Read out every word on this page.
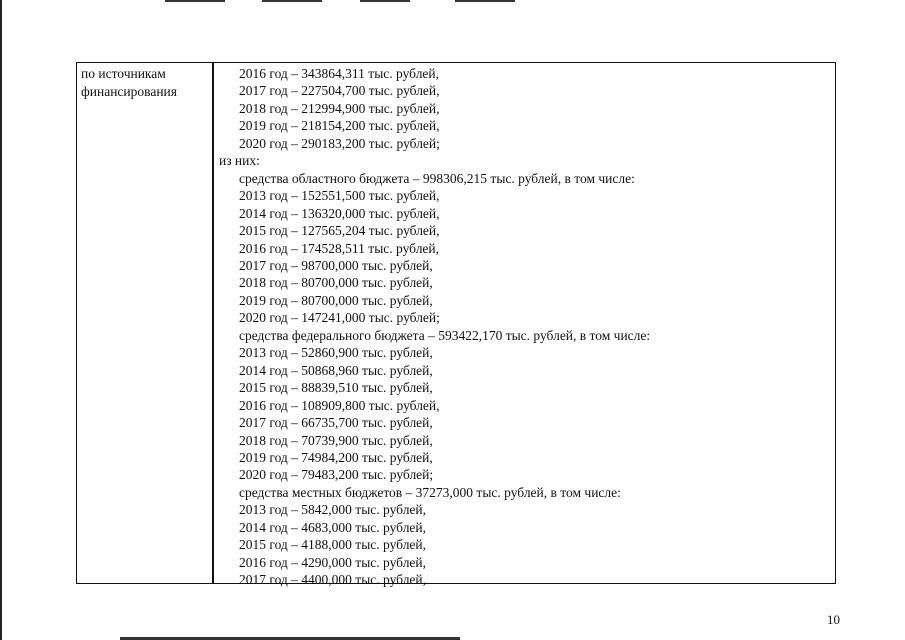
по источникам
финансирования
2016 год – 343864,311 тыс. рублей,
2017 год – 227504,700 тыс. рублей,
2018 год – 212994,900 тыс. рублей,
2019 год – 218154,200 тыс. рублей,
2020 год – 290183,200 тыс. рублей;
из них:
средства областного бюджета – 998306,215 тыс. рублей, в том числе:
2013 год – 152551,500 тыс. рублей,
2014 год – 136320,000 тыс. рублей,
2015 год – 127565,204 тыс. рублей,
2016 год – 174528,511 тыс. рублей,
2017 год – 98700,000 тыс. рублей,
2018 год – 80700,000 тыс. рублей,
2019 год – 80700,000 тыс. рублей,
2020 год – 147241,000 тыс. рублей;
средства федерального бюджета – 593422,170 тыс. рублей, в том числе:
2013 год – 52860,900 тыс. рублей,
2014 год – 50868,960 тыс. рублей,
2015 год – 88839,510 тыс. рублей,
2016 год – 108909,800 тыс. рублей,
2017 год – 66735,700 тыс. рублей,
2018 год – 70739,900 тыс. рублей,
2019 год – 74984,200 тыс. рублей,
2020 год – 79483,200 тыс. рублей;
средства местных бюджетов – 37273,000 тыс. рублей, в том числе:
2013 год – 5842,000 тыс. рублей,
2014 год – 4683,000 тыс. рублей,
2015 год – 4188,000 тыс. рублей,
2016 год – 4290,000 тыс. рублей,
2017 год – 4400,000 тыс. рублей,
10
